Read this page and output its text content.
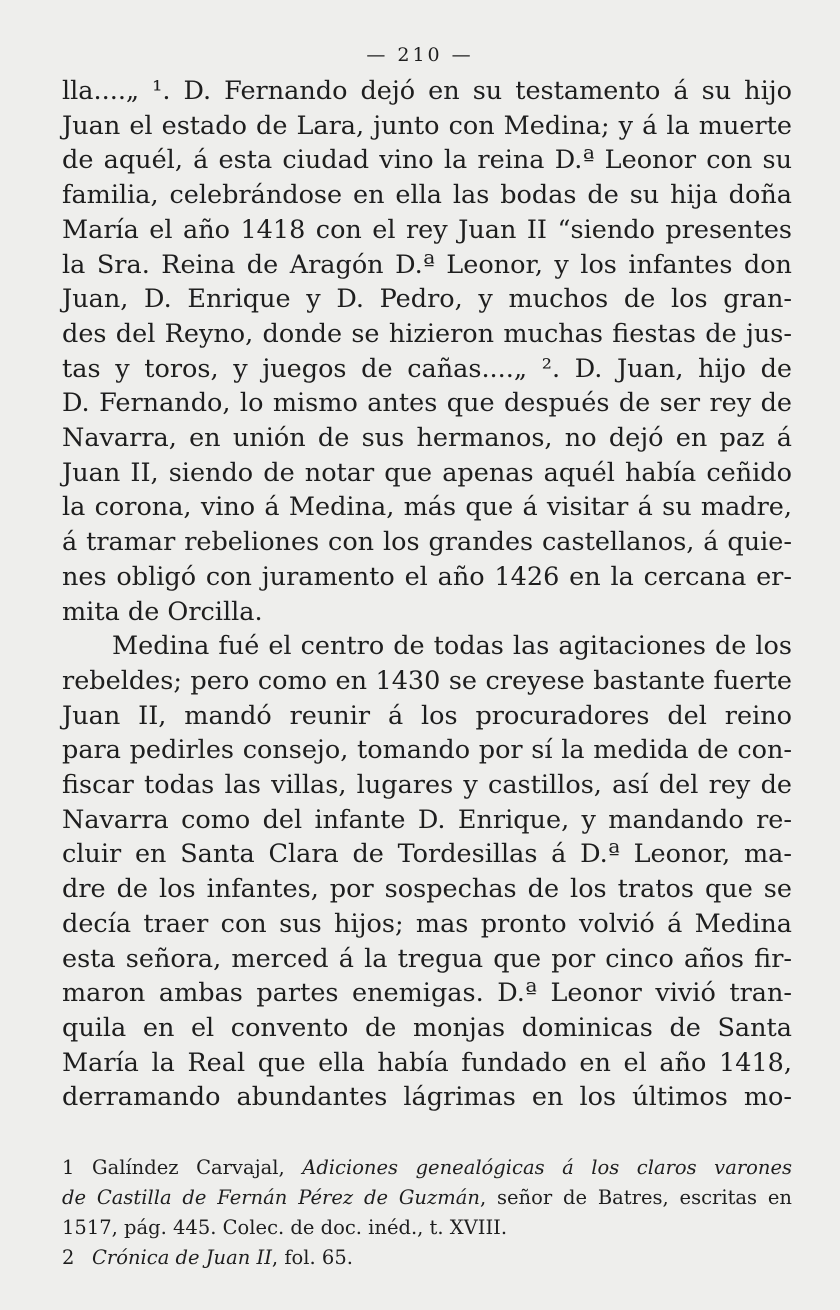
— 210 —
lla....„ ¹. D. Fernando dejó en su testamento á su hijo
Juan el estado de Lara, junto con Medina; y á la muerte
de aquél, á esta ciudad vino la reina D.ª Leonor con su
familia, celebrándose en ella las bodas de su hija doña
María el año 1418 con el rey Juan II “siendo presentes
la Sra. Reina de Aragón D.ª Leonor, y los infantes don
Juan, D. Enrique y D. Pedro, y muchos de los gran-
des del Reyno, donde se hizieron muchas fiestas de jus-
tas y toros, y juegos de cañas....„ ². D. Juan, hijo de
D. Fernando, lo mismo antes que después de ser rey de
Navarra, en unión de sus hermanos, no dejó en paz á
Juan II, siendo de notar que apenas aquél había ceñido
la corona, vino á Medina, más que á visitar á su madre,
á tramar rebeliones con los grandes castellanos, á quie-
nes obligó con juramento el año 1426 en la cercana er-
mita de Orcilla.
Medina fué el centro de todas las agitaciones de los
rebeldes; pero como en 1430 se creyese bastante fuerte
Juan II, mandó reunir á los procuradores del reino
para pedirles consejo, tomando por sí la medida de con-
fiscar todas las villas, lugares y castillos, así del rey de
Navarra como del infante D. Enrique, y mandando re-
cluir en Santa Clara de Tordesillas á D.ª Leonor, ma-
dre de los infantes, por sospechas de los tratos que se
decía traer con sus hijos; mas pronto volvió á Medina
esta señora, merced á la tregua que por cinco años fir-
maron ambas partes enemigas. D.ª Leonor vivió tran-
quila en el convento de monjas dominicas de Santa
María la Real que ella había fundado en el año 1418,
derramando abundantes lágrimas en los últimos mo-
1 Galíndez Carvajal, Adiciones genealógicas á los claros varones
de Castilla de Fernán Pérez de Guzmán, señor de Batres, escritas en
1517, pág. 445. Colec. de doc. inéd., t. XVIII.
2 Crónica de Juan II, fol. 65.
